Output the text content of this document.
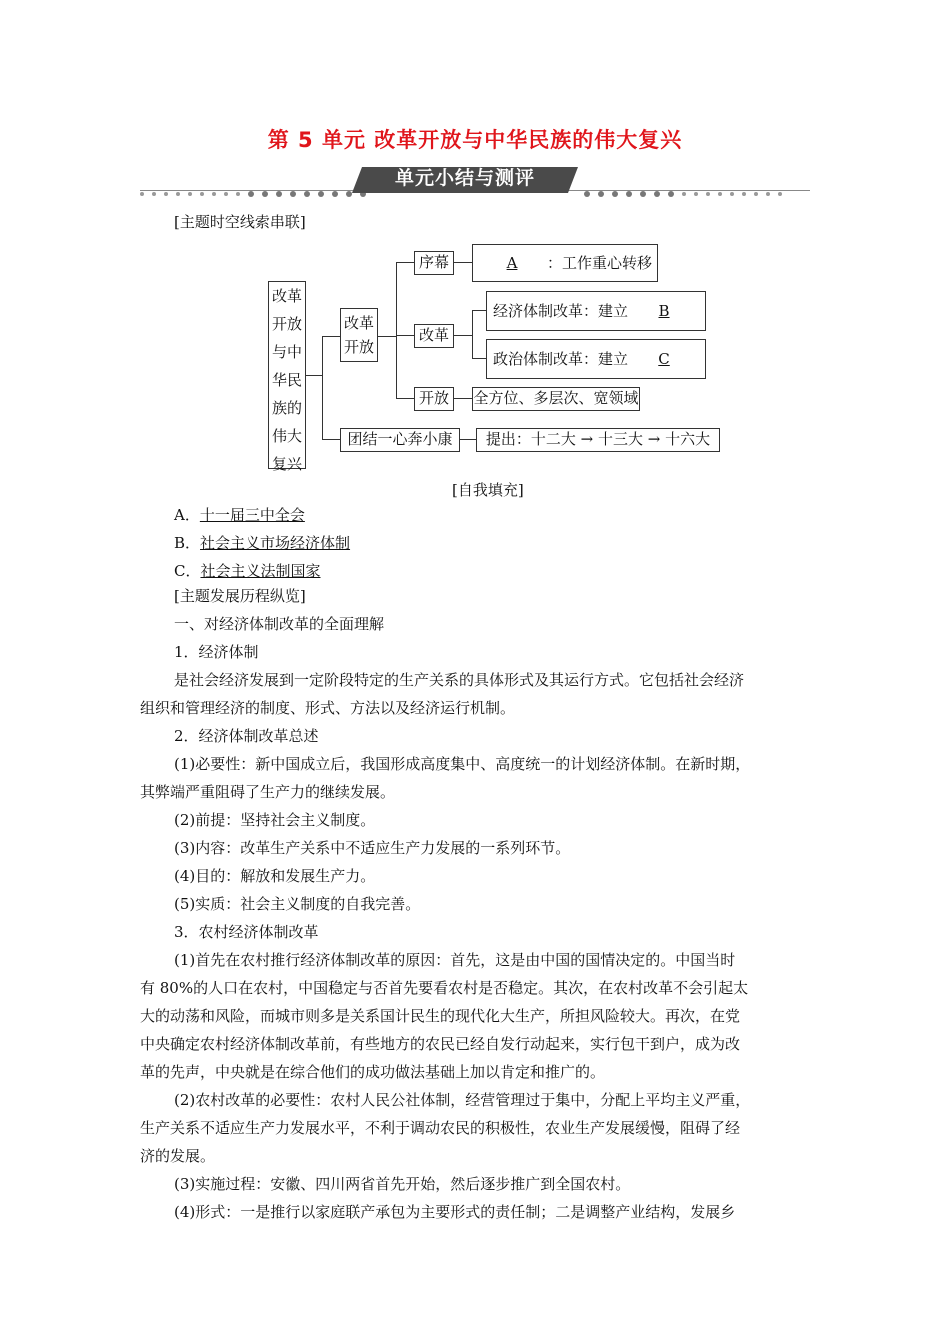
第 5 单元 改革开放与中华民族的伟大复兴
单元小结与测评
[主题时空线索串联]
改革
开放
与中
华民
族的
伟大
复兴
改革
开放
序幕	A ：工作重心转移
改革
经济体制改革：建立 B
政治体制改革：建立 C
开放	全方位、多层次、宽领域
团结一心奔小康	提出：十二大 → 十三大 → 十六大
[自我填充]
A．十一届三中全会
B．社会主义市场经济体制
C．社会主义法制国家
[主题发展历程纵览]
一、对经济体制改革的全面理解
1．经济体制
是社会经济发展到一定阶段特定的生产关系的具体形式及其运行方式。它包括社会经济
组织和管理经济的制度、形式、方法以及经济运行机制。
2．经济体制改革总述
(1)必要性：新中国成立后，我国形成高度集中、高度统一的计划经济体制。在新时期，
其弊端严重阻碍了生产力的继续发展。
(2)前提：坚持社会主义制度。
(3)内容：改革生产关系中不适应生产力发展的一系列环节。
(4)目的：解放和发展生产力。
(5)实质：社会主义制度的自我完善。
3．农村经济体制改革
(1)首先在农村推行经济体制改革的原因：首先，这是由中国的国情决定的。中国当时
有 80%的人口在农村，中国稳定与否首先要看农村是否稳定。其次，在农村改革不会引起太
大的动荡和风险，而城市则多是关系国计民生的现代化大生产，所担风险较大。再次，在党
中央确定农村经济体制改革前，有些地方的农民已经自发行动起来，实行包干到户，成为改
革的先声，中央就是在综合他们的成功做法基础上加以肯定和推广的。
(2)农村改革的必要性：农村人民公社体制，经营管理过于集中，分配上平均主义严重，
生产关系不适应生产力发展水平，不利于调动农民的积极性，农业生产发展缓慢，阻碍了经
济的发展。
(3)实施过程：安徽、四川两省首先开始，然后逐步推广到全国农村。
(4)形式：一是推行以家庭联产承包为主要形式的责任制；二是调整产业结构，发展乡
